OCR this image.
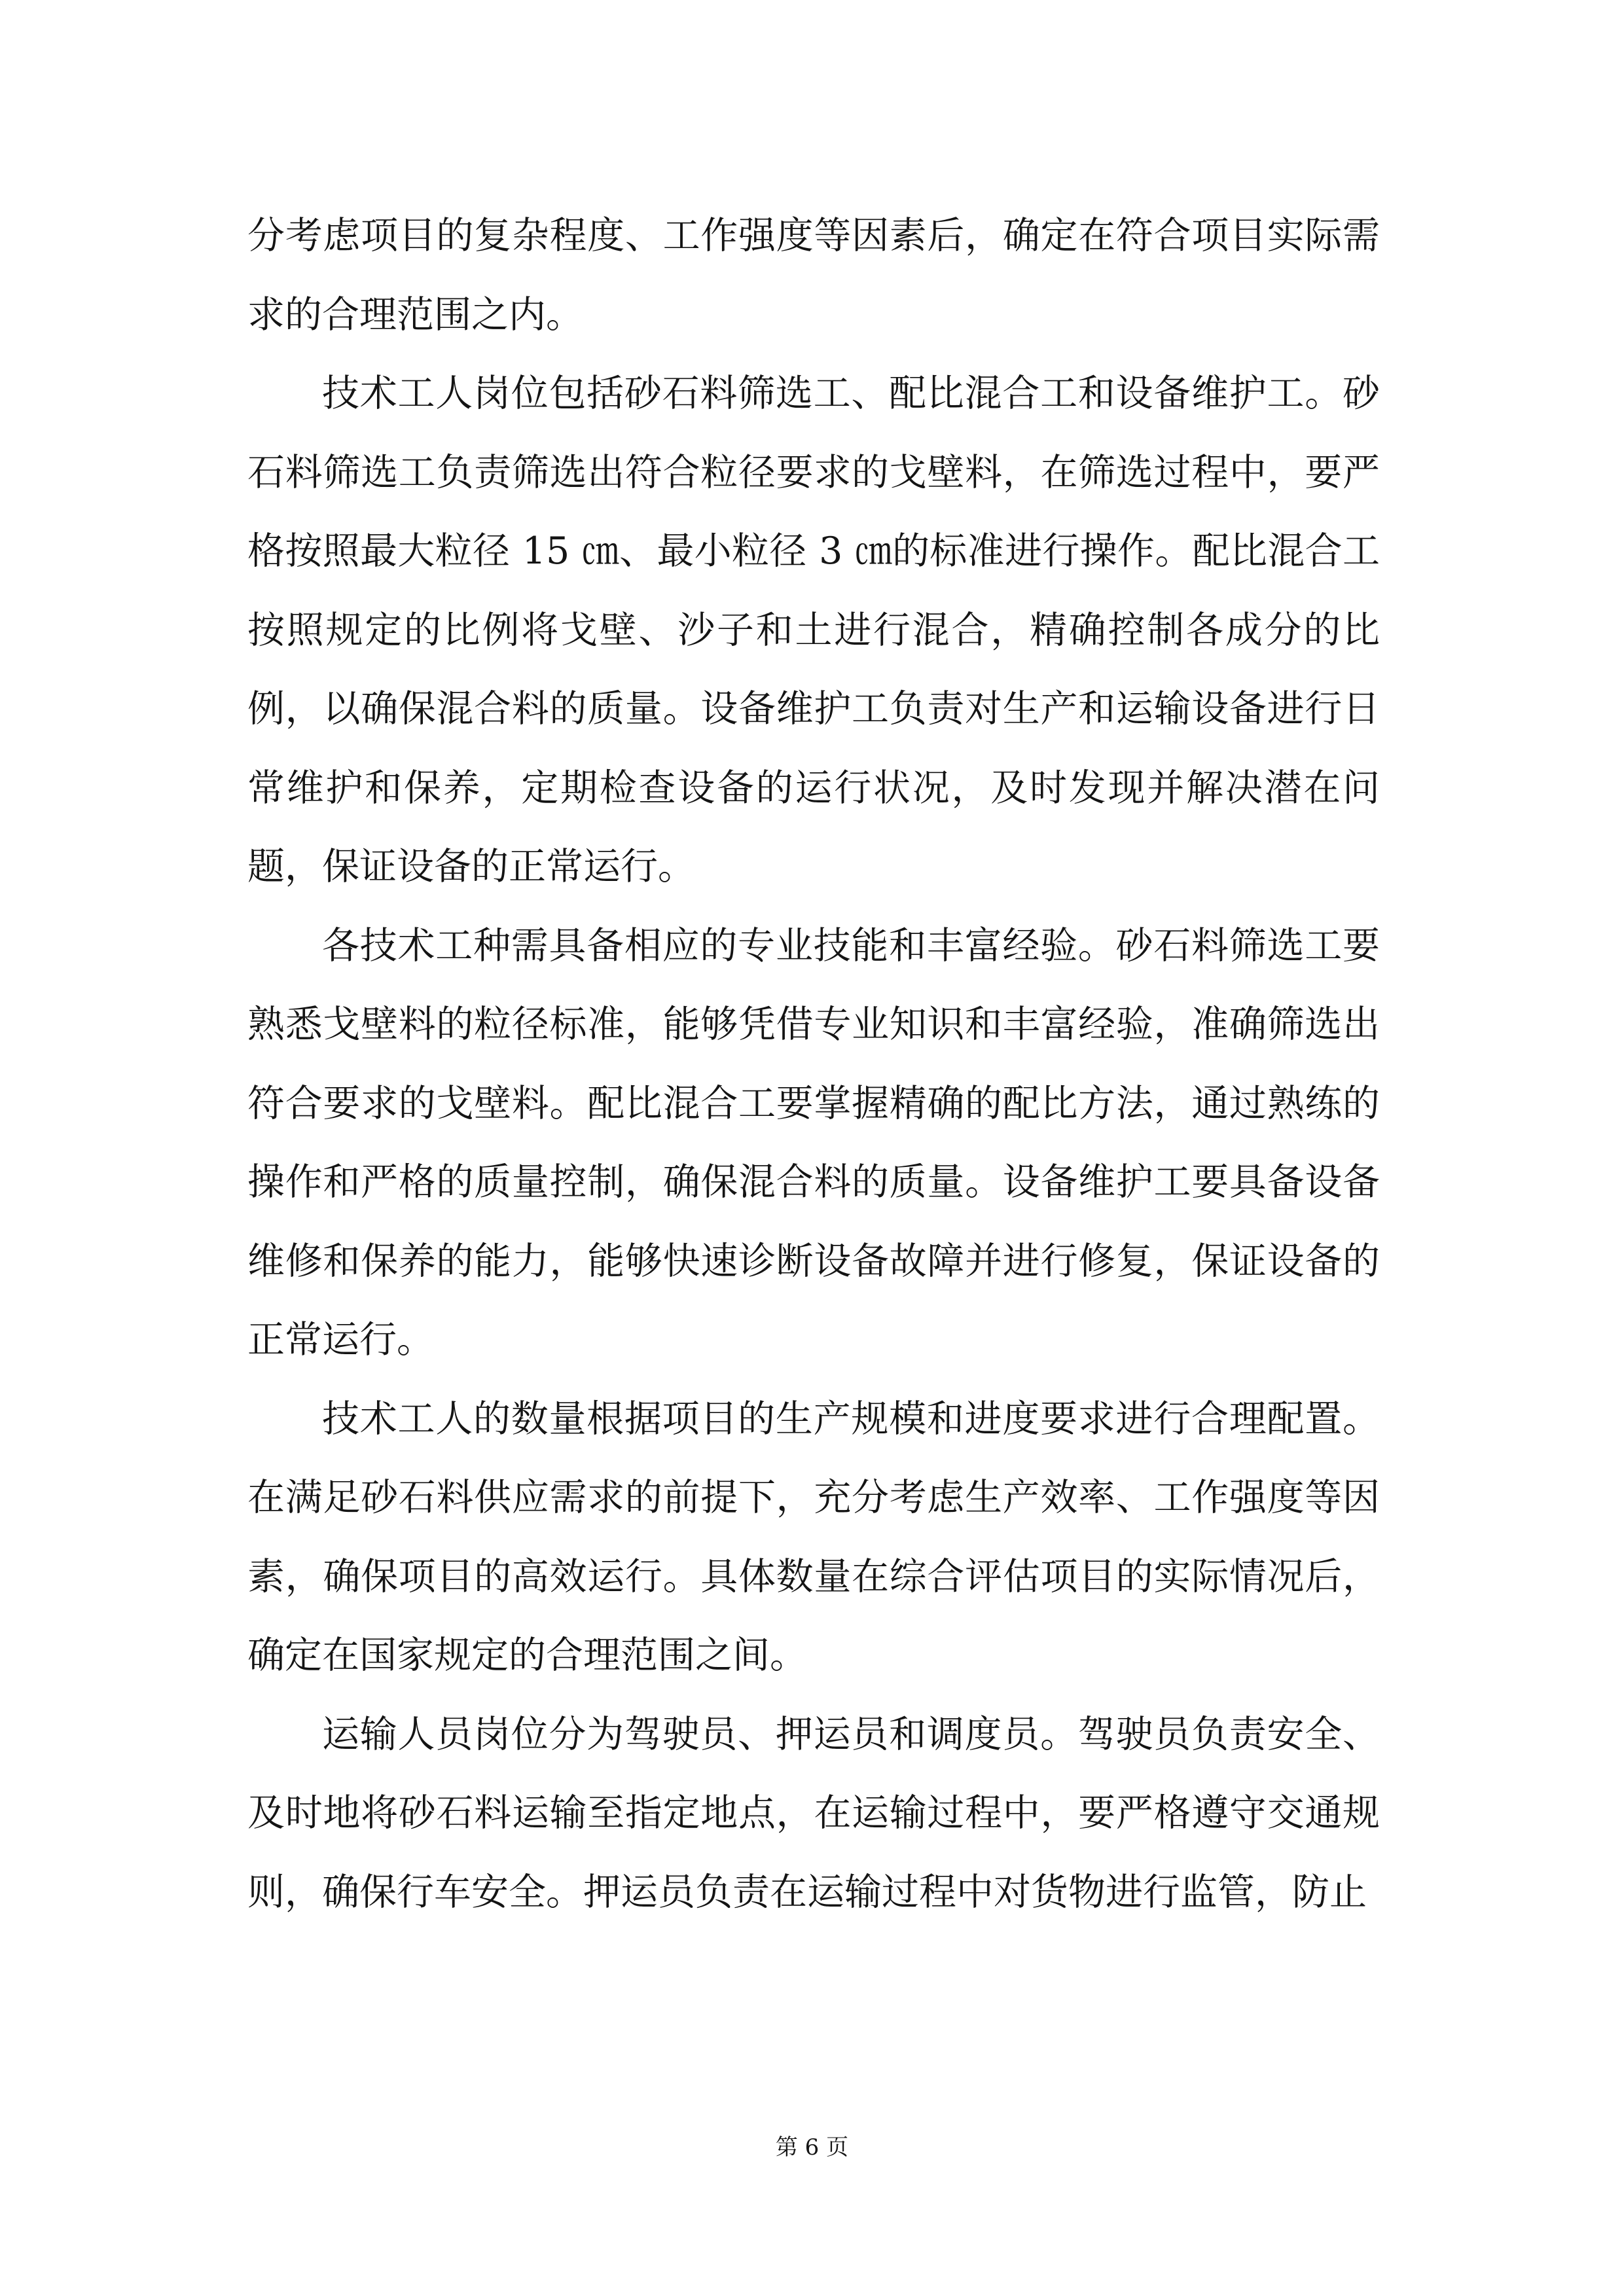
分考虑项目的复杂程度、工作强度等因素后，确定在符合项目实际需求的合理范围之内。

技术工人岗位包括砂石料筛选工、配比混合工和设备维护工。砂石料筛选工负责筛选出符合粒径要求的戈壁料，在筛选过程中，要严格按照最大粒径 15 ㎝、最小粒径 3 ㎝的标准进行操作。配比混合工按照规定的比例将戈壁、沙子和土进行混合，精确控制各成分的比例，以确保混合料的质量。设备维护工负责对生产和运输设备进行日常维护和保养，定期检查设备的运行状况，及时发现并解决潜在问题，保证设备的正常运行。

各技术工种需具备相应的专业技能和丰富经验。砂石料筛选工要熟悉戈壁料的粒径标准，能够凭借专业知识和丰富经验，准确筛选出符合要求的戈壁料。配比混合工要掌握精确的配比方法，通过熟练的操作和严格的质量控制，确保混合料的质量。设备维护工要具备设备维修和保养的能力，能够快速诊断设备故障并进行修复，保证设备的正常运行。

技术工人的数量根据项目的生产规模和进度要求进行合理配置。在满足砂石料供应需求的前提下，充分考虑生产效率、工作强度等因素，确保项目的高效运行。具体数量在综合评估项目的实际情况后，确定在国家规定的合理范围之间。

运输人员岗位分为驾驶员、押运员和调度员。驾驶员负责安全、及时地将砂石料运输至指定地点，在运输过程中，要严格遵守交通规则，确保行车安全。押运员负责在运输过程中对货物进行监管，防止

第 6 页
